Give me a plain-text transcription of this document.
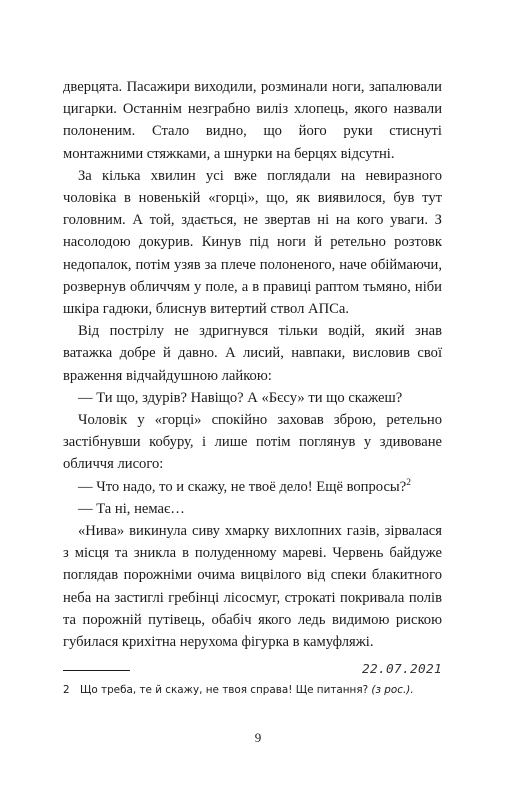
дверцята. Пасажири виходили, розминали ноги, запалювали цигарки. Останнім незграбно виліз хлопець, якого назвали полоненим. Стало видно, що його руки стиснуті монтажними стяжками, а шнурки на берцях відсутні.

За кілька хвилин усі вже поглядали на невиразного чоловіка в новенькій «горці», що, як виявилося, був тут головним. А той, здається, не звертав ні на кого уваги. З насолодою докурив. Кинув під ноги й ретельно розтовк недопалок, потім узяв за плече полоненого, наче обіймаючи, розвернув обличчям у поле, а в правиці раптом тьмяно, ніби шкіра гадюки, блиснув витертий ствол АПСа.

Від пострілу не здригнувся тільки водій, який знав ватажка добре й давно. А лисий, навпаки, висловив свої враження відчайдушною лайкою:

— Ти що, здурів? Навіщо? А «Бєсу» ти що скажеш?

Чоловік у «горці» спокійно заховав зброю, ретельно застібнувши кобуру, і лише потім поглянув у здивоване обличчя лисого:

— Что надо, то и скажу, не твоё дело! Ещё вопросы?$^2$

— Та ні, немає…

«Нива» викинула сиву хмарку вихлопних газів, зірвалася з місця та зникла в полуденному мареві. Червень байдуже поглядав порожніми очима вицвілого від спеки блакитного неба на застиглі гребінці лісосмуг, строкаті покривала полів та порожній путівець, обабіч якого ледь видимою рискою губилася крихітна нерухома фігурка в камуфляжі.

22.07.2021
2 Що треба, те й скажу, не твоя справа! Ще питання? (з рос.).
9
